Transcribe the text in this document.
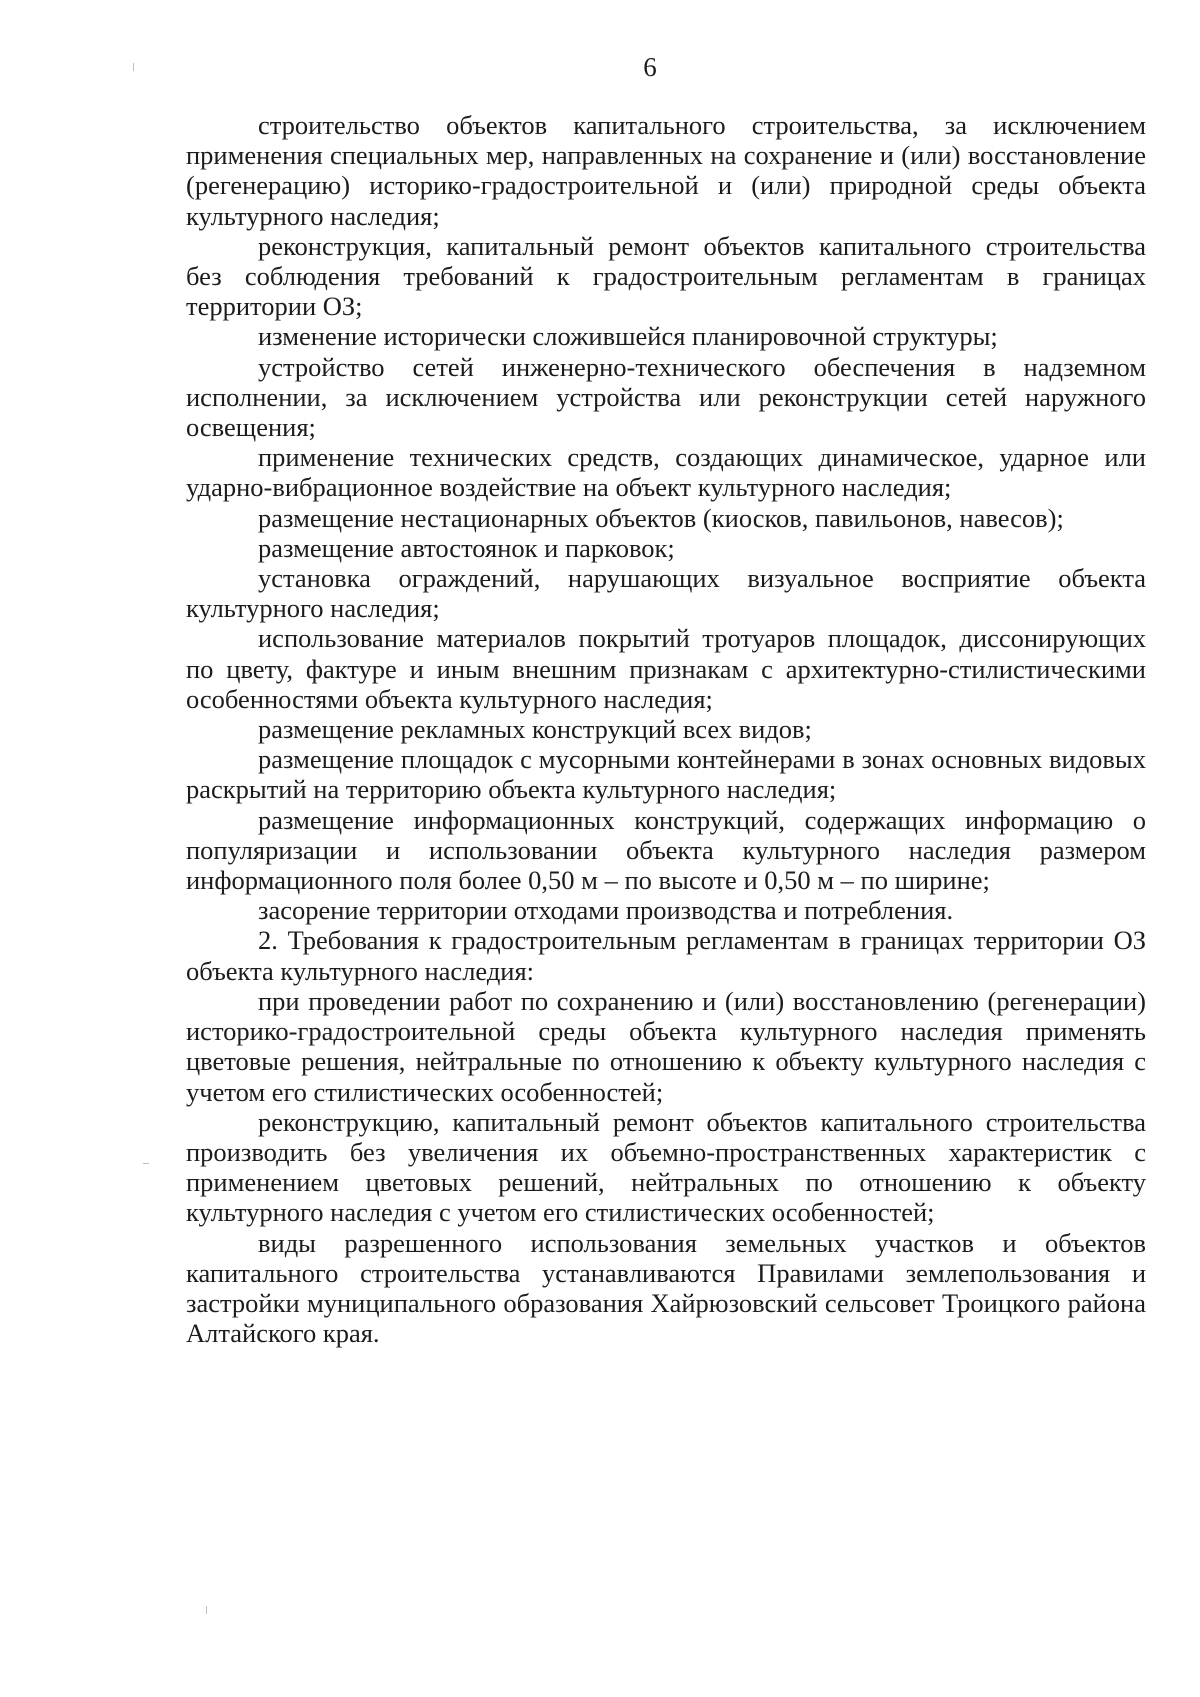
6

строительство объектов капитального строительства, за исключением применения специальных мер, направленных на сохранение и (или) восстановление (регенерацию) историко-градостроительной и (или) природной среды объекта культурного наследия;

реконструкция, капитальный ремонт объектов капитального строительства без соблюдения требований к градостроительным регламентам в границах территории ОЗ;

изменение исторически сложившейся планировочной структуры;

устройство сетей инженерно-технического обеспечения в надземном исполнении, за исключением устройства или реконструкции сетей наружного освещения;

применение технических средств, создающих динамическое, ударное или ударно-вибрационное воздействие на объект культурного наследия;

размещение нестационарных объектов (киосков, павильонов, навесов);

размещение автостоянок и парковок;

установка ограждений, нарушающих визуальное восприятие объекта культурного наследия;

использование материалов покрытий тротуаров площадок, диссонирующих по цвету, фактуре и иным внешним признакам с архитектурно-стилистическими особенностями объекта культурного наследия;

размещение рекламных конструкций всех видов;

размещение площадок с мусорными контейнерами в зонах основных видовых раскрытий на территорию объекта культурного наследия;

размещение информационных конструкций, содержащих информацию о популяризации и использовании объекта культурного наследия размером информационного поля более 0,50 м – по высоте и 0,50 м – по ширине;

засорение территории отходами производства и потребления.

2. Требования к градостроительным регламентам в границах территории ОЗ объекта культурного наследия:

при проведении работ по сохранению и (или) восстановлению (регенерации) историко-градостроительной среды объекта культурного наследия применять цветовые решения, нейтральные по отношению к объекту культурного наследия с учетом его стилистических особенностей;

реконструкцию, капитальный ремонт объектов капитального строительства производить без увеличения их объемно-пространственных характеристик с применением цветовых решений, нейтральных по отношению к объекту культурного наследия с учетом его стилистических особенностей;

виды разрешенного использования земельных участков и объектов капитального строительства устанавливаются Правилами землепользования и застройки муниципального образования Хайрюзовский сельсовет Троицкого района Алтайского края.
